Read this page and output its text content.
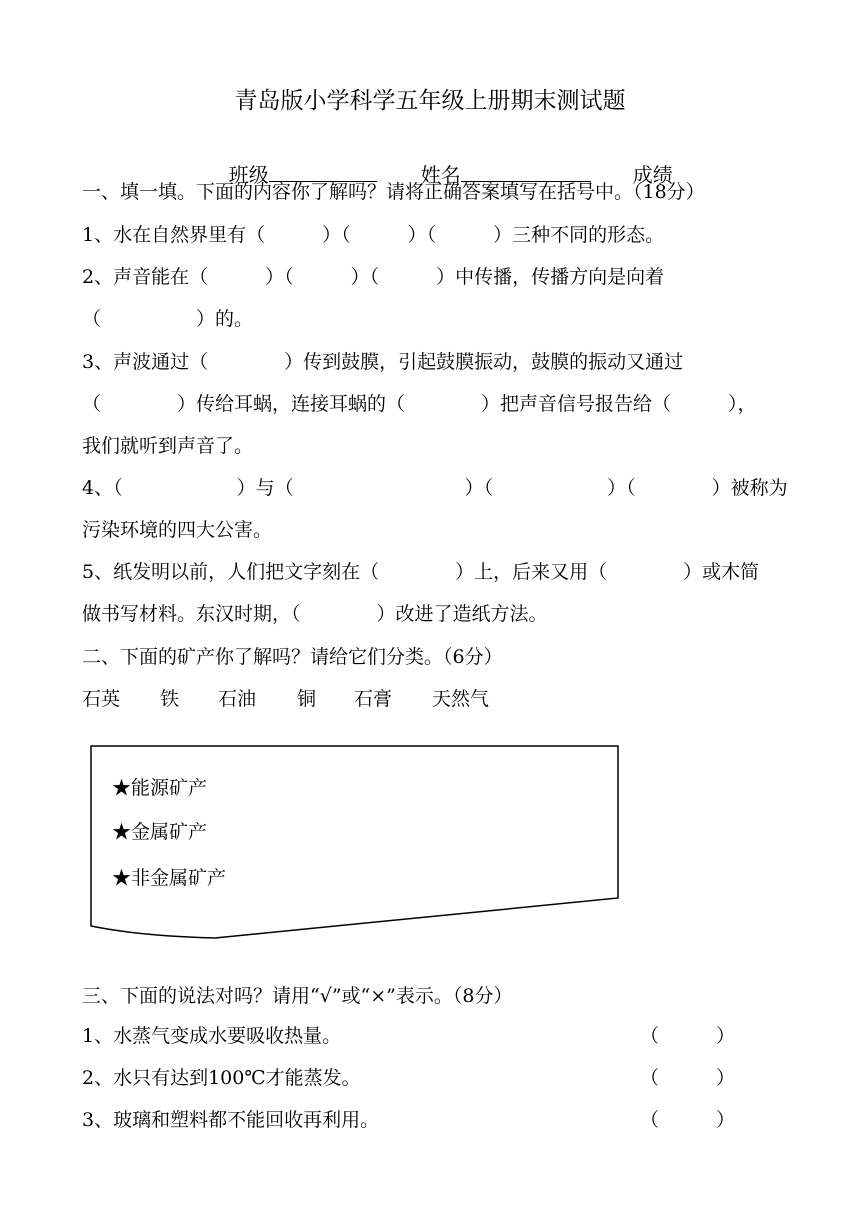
青岛版小学科学五年级上册期末测试题

班级	姓名	成绩

一、填一填。下面的内容你了解吗？请将正确答案填写在括号中。（18分）
1、水在自然界里有（　　　）（　　　）（　　　）三种不同的形态。
2、声音能在（　　　）（　　　）（　　　）中传播，传播方向是向着
（　　　　　）的。
3、声波通过（　　　　）传到鼓膜，引起鼓膜振动，鼓膜的振动又通过
（　　　　）传给耳蜗，连接耳蜗的（　　　　）把声音信号报告给（　　　），
我们就听到声音了。
4、（　　　　　　）与（　　　　　　　　　）（　　　　　　）（　　　　）被称为
污染环境的四大公害。
5、纸发明以前，人们把文字刻在（　　　　）上，后来又用（　　　　）或木简
做书写材料。东汉时期，（　　　　）改进了造纸方法。
二、下面的矿产你了解吗？请给它们分类。（6分）
石英 铁 石油 铜 石膏 天然气
★能源矿产
★金属矿产
★非金属矿产
三、下面的说法对吗？请用“√”或“×”表示。（8分）
1、水蒸气变成水要吸收热量。	（　　　）
2、水只有达到100℃才能蒸发。	（　　　）
3、玻璃和塑料都不能回收再利用。	（　　　）
